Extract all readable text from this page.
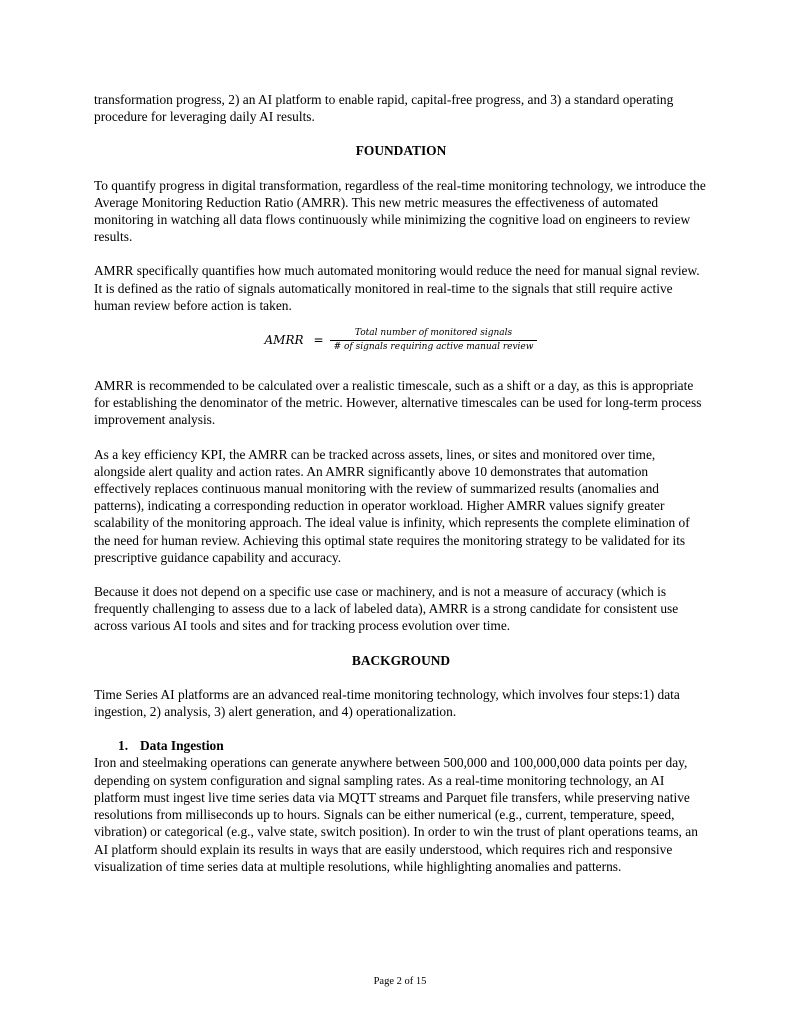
transformation progress, 2) an AI platform to enable rapid, capital-free progress, and 3) a standard operating procedure for leveraging daily AI results.

FOUNDATION

To quantify progress in digital transformation, regardless of the real-time monitoring technology, we introduce the Average Monitoring Reduction Ratio (AMRR). This new metric measures the effectiveness of automated monitoring in watching all data flows continuously while minimizing the cognitive load on engineers to review results.

AMRR specifically quantifies how much automated monitoring would reduce the need for manual signal review. It is defined as the ratio of signals automatically monitored in real-time to the signals that still require active human review before action is taken.

AMRR = $\frac{\text{Total number of monitored signals}}{\text{\# of signals requiring active manual review}}$

AMRR is recommended to be calculated over a realistic timescale, such as a shift or a day, as this is appropriate for establishing the denominator of the metric. However, alternative timescales can be used for long-term process improvement analysis.

As a key efficiency KPI, the AMRR can be tracked across assets, lines, or sites and monitored over time, alongside alert quality and action rates. An AMRR significantly above 10 demonstrates that automation effectively replaces continuous manual monitoring with the review of summarized results (anomalies and patterns), indicating a corresponding reduction in operator workload. Higher AMRR values signify greater scalability of the monitoring approach. The ideal value is infinity, which represents the complete elimination of the need for human review. Achieving this optimal state requires the monitoring strategy to be validated for its prescriptive guidance capability and accuracy.

Because it does not depend on a specific use case or machinery, and is not a measure of accuracy (which is frequently challenging to assess due to a lack of labeled data), AMRR is a strong candidate for consistent use across various AI tools and sites and for tracking process evolution over time.

BACKGROUND

Time Series AI platforms are an advanced real-time monitoring technology, which involves four steps:1) data ingestion, 2) analysis, 3) alert generation, and 4) operationalization.

1. Data Ingestion

Iron and steelmaking operations can generate anywhere between 500,000 and 100,000,000 data points per day, depending on system configuration and signal sampling rates. As a real-time monitoring technology, an AI platform must ingest live time series data via MQTT streams and Parquet file transfers, while preserving native resolutions from milliseconds up to hours. Signals can be either numerical (e.g., current, temperature, speed, vibration) or categorical (e.g., valve state, switch position). In order to win the trust of plant operations teams, an AI platform should explain its results in ways that are easily understood, which requires rich and responsive visualization of time series data at multiple resolutions, while highlighting anomalies and patterns.

Page 2 of 15
